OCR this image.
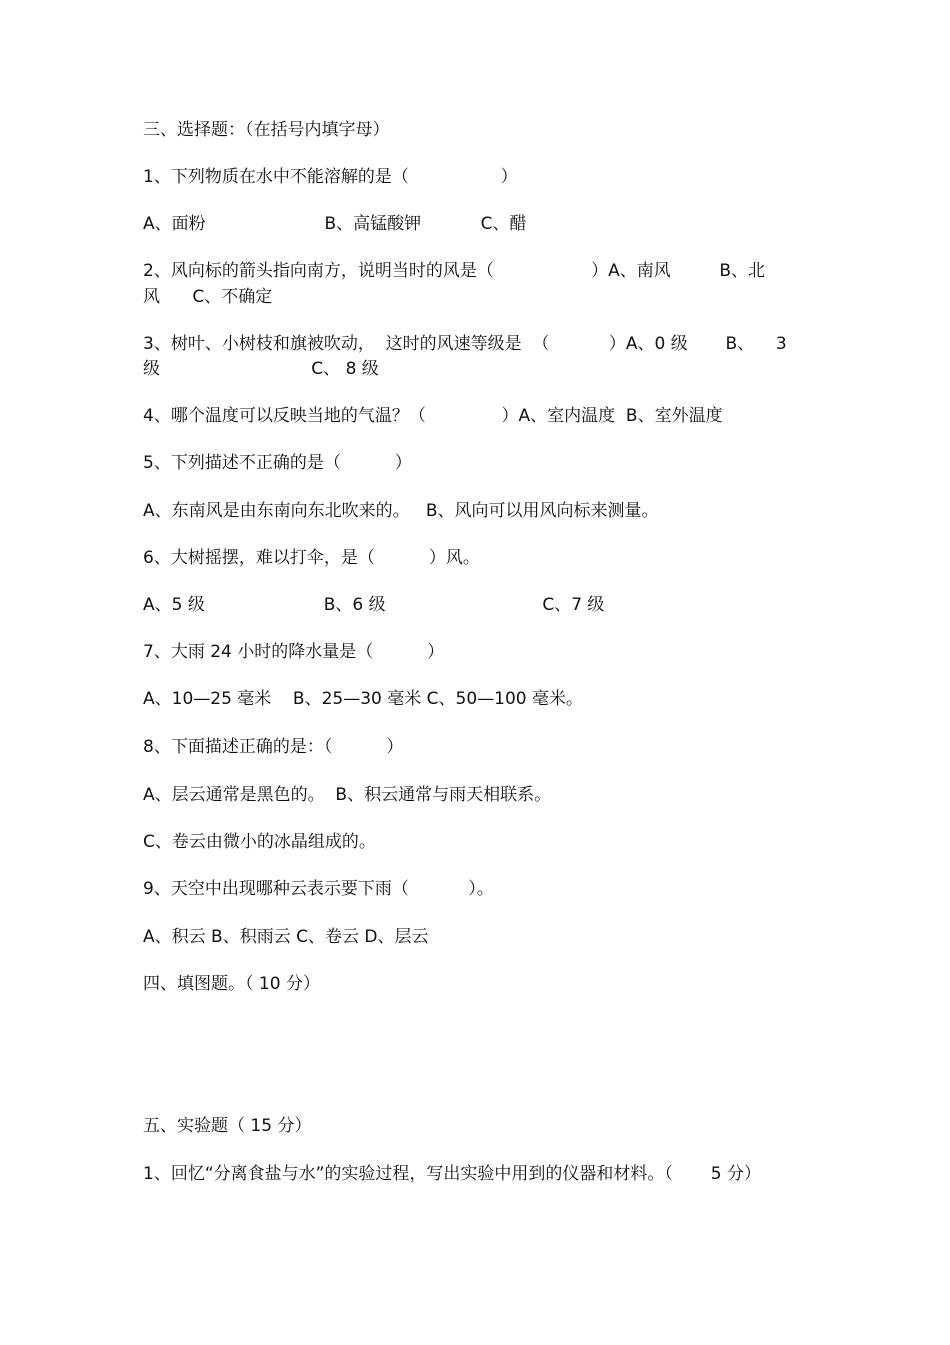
三、选择题：（在括号内填字母）
1、下列物质在水中不能溶解的是（                 ）
A、面粉                      B、高锰酸钾           C、醋
2、风向标的箭头指向南方，说明当时的风是（                  ）A、南风         B、北
风      C、不确定
3、树叶、小树枝和旗被吹动，  这时的风速等级是  （           ）A、0 级       B、    3
级                            C、 8 级
4、哪个温度可以反映当地的气温？（              ）A、室内温度  B、室外温度
5、下列描述不正确的是（          ）
A、东南风是由东南向东北吹来的。   B、风向可以用风向标来测量。
6、大树摇摆，难以打伞，是（          ）风。
A、5 级                      B、6 级                             C、7 级
7、大雨 24 小时的降水量是（          ）
A、10—25 毫米    B、25—30 毫米 C、50—100 毫米。
8、下面描述正确的是：（          ）
A、层云通常是黑色的。  B、积云通常与雨天相联系。
C、卷云由微小的冰晶组成的。
9、天空中出现哪种云表示要下雨（           ）。
A、积云 B、积雨云 C、卷云 D、层云
四、填图题。（ 10 分）
五、实验题（ 15 分）
1、回忆“分离食盐与水”的实验过程，写出实验中用到的仪器和材料。（       5 分）
